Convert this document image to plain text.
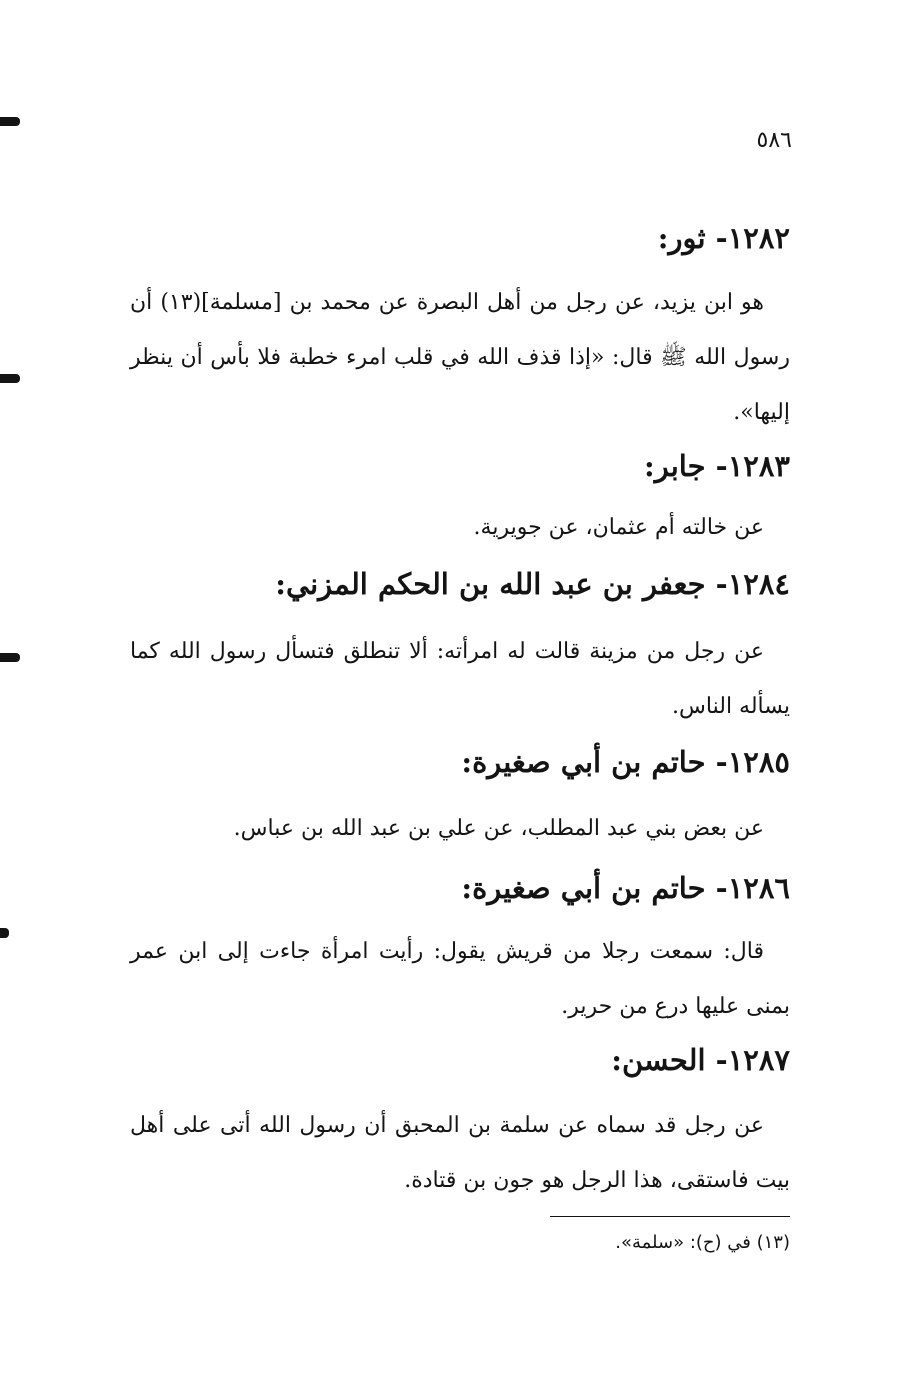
٥٨٦
١٢٨٢- ثور:
هو ابن يزيد، عن رجل من أهل البصرة عن محمد بن [مسلمة](١٣) أن رسول الله ﷺ قال: «إذا قذف الله في قلب امرء خطبة فلا بأس أن ينظر إليها».
١٢٨٣- جابر:
عن خالته أم عثمان، عن جويرية.
١٢٨٤- جعفر بن عبد الله بن الحكم المزني:
عن رجل من مزينة قالت له امرأته: ألا تنطلق فتسأل رسول الله كما يسأله الناس.
١٢٨٥- حاتم بن أبي صغيرة:
عن بعض بني عبد المطلب، عن علي بن عبد الله بن عباس.
١٢٨٦- حاتم بن أبي صغيرة:
قال: سمعت رجلا من قريش يقول: رأيت امرأة جاءت إلى ابن عمر بمنى عليها درع من حرير.
١٢٨٧- الحسن:
عن رجل قد سماه عن سلمة بن المحبق أن رسول الله أتى على أهل بيت فاستقى، هذا الرجل هو جون بن قتادة.
(١٣) في (ح): «سلمة».
